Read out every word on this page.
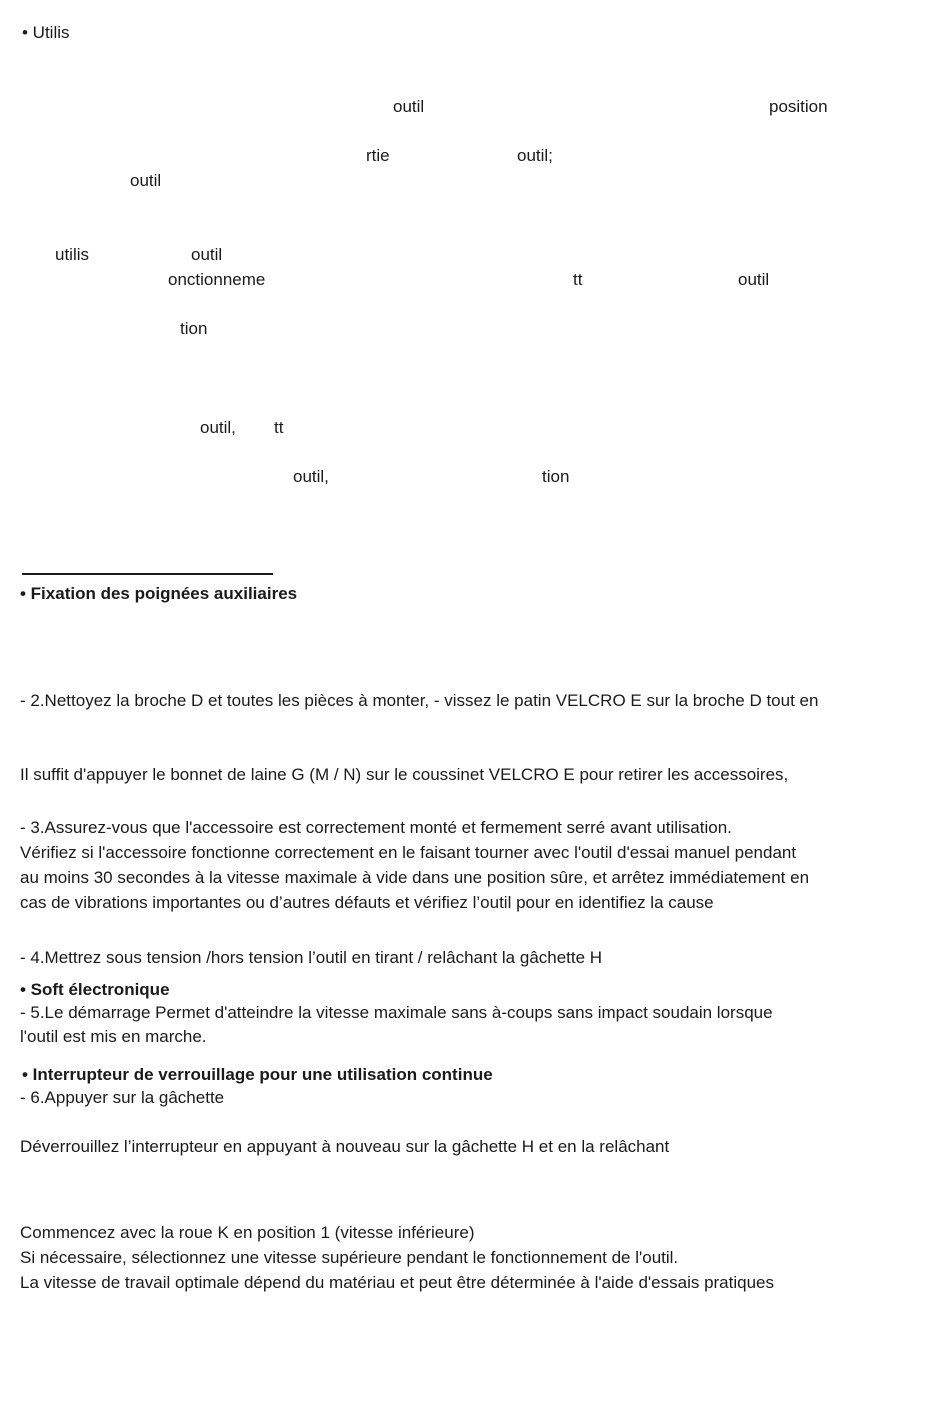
• Utilis
outil	position
rtie	outil;
outil
utilis	outil
onctionneme	tt	outil
tion
outil, tt
outil,	tion
• Fixation des poignées auxiliaires
- 2.Nettoyez la broche D et toutes les pièces à monter, - vissez le patin VELCRO E sur la broche D tout en
Il suffit d'appuyer le bonnet de laine G (M / N) sur le coussinet VELCRO E pour retirer les accessoires,
- 3.Assurez-vous que l'accessoire est correctement monté et fermement serré avant utilisation.
Vérifiez si l'accessoire fonctionne correctement en le faisant tourner avec l'outil d'essai manuel pendant
au moins 30 secondes à la vitesse maximale à vide dans une position sûre, et arrêtez immédiatement en
cas de vibrations importantes ou d’autres défauts et vérifiez l’outil pour en identifiez la cause
- 4.Mettrez sous tension /hors tension l’outil en tirant / relâchant la gâchette H
• Soft électronique
- 5.Le démarrage Permet d'atteindre la vitesse maximale sans à-coups sans impact soudain lorsque
l'outil est mis en marche.
• Interrupteur de verrouillage pour une utilisation continue
- 6.Appuyer sur la gâchette
Déverrouillez l’interrupteur en appuyant à nouveau sur la gâchette H et en la relâchant
Commencez avec la roue K en position 1 (vitesse inférieure)
Si nécessaire, sélectionnez une vitesse supérieure pendant le fonctionnement de l'outil.
La vitesse de travail optimale dépend du matériau et peut être déterminée à l'aide d'essais pratiques
